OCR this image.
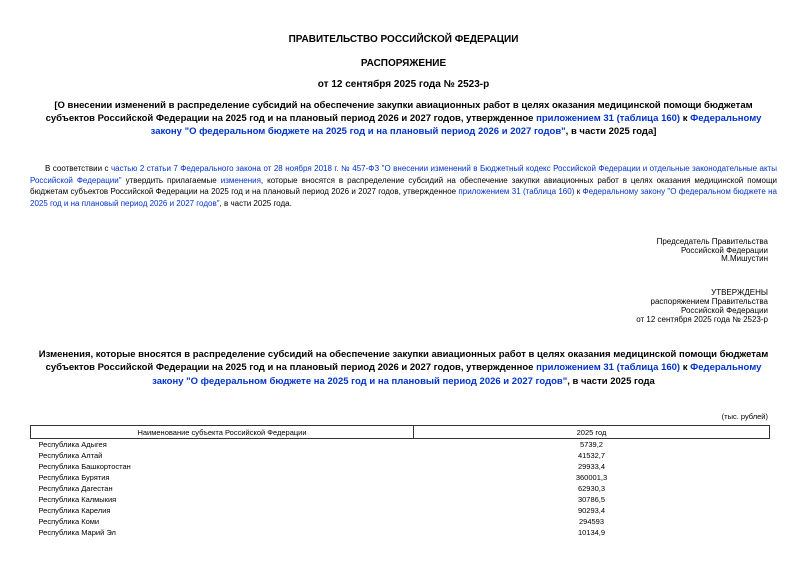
ПРАВИТЕЛЬСТВО РОССИЙСКОЙ ФЕДЕРАЦИИ
РАСПОРЯЖЕНИЕ
от 12 сентября 2025 года № 2523-р
[О внесении изменений в распределение субсидий на обеспечение закупки авиационных работ в целях оказания медицинской помощи бюджетам субъектов Российской Федерации на 2025 год и на плановый период 2026 и 2027 годов, утвержденное приложением 31 (таблица 160) к Федеральному закону "О федеральном бюджете на 2025 год и на плановый период 2026 и 2027 годов", в части 2025 года]
В соответствии с частью 2 статьи 7 Федерального закона от 28 ноября 2018 г. № 457-ФЗ "О внесении изменений в Бюджетный кодекс Российской Федерации и отдельные законодательные акты Российской Федерации" утвердить прилагаемые изменения, которые вносятся в распределение субсидий на обеспечение закупки авиационных работ в целях оказания медицинской помощи бюджетам субъектов Российской Федерации на 2025 год и на плановый период 2026 и 2027 годов, утвержденное приложением 31 (таблица 160) к Федеральному закону "О федеральном бюджете на 2025 год и на плановый период 2026 и 2027 годов", в части 2025 года.
Председатель Правительства
Российской Федерации
М.Мишустин
УТВЕРЖДЕНЫ
распоряжением Правительства
Российской Федерации
от 12 сентября 2025 года № 2523-р
Изменения, которые вносятся в распределение субсидий на обеспечение закупки авиационных работ в целях оказания медицинской помощи бюджетам субъектов Российской Федерации на 2025 год и на плановый период 2026 и 2027 годов, утвержденное приложением 31 (таблица 160) к Федеральному закону "О федеральном бюджете на 2025 год и на плановый период 2026 и 2027 годов", в части 2025 года
(тыс. рублей)
Наименование субъекта Российской Федерации	2025 год
Республика Адыгея	5739,2
Республика Алтай	41532,7
Республика Башкортостан	29933,4
Республика Бурятия	360001,3
Республика Дагестан	62930,3
Республика Калмыкия	30786,5
Республика Карелия	90293,4
Республика Коми	294593
Республика Марий Эл	10134,9
